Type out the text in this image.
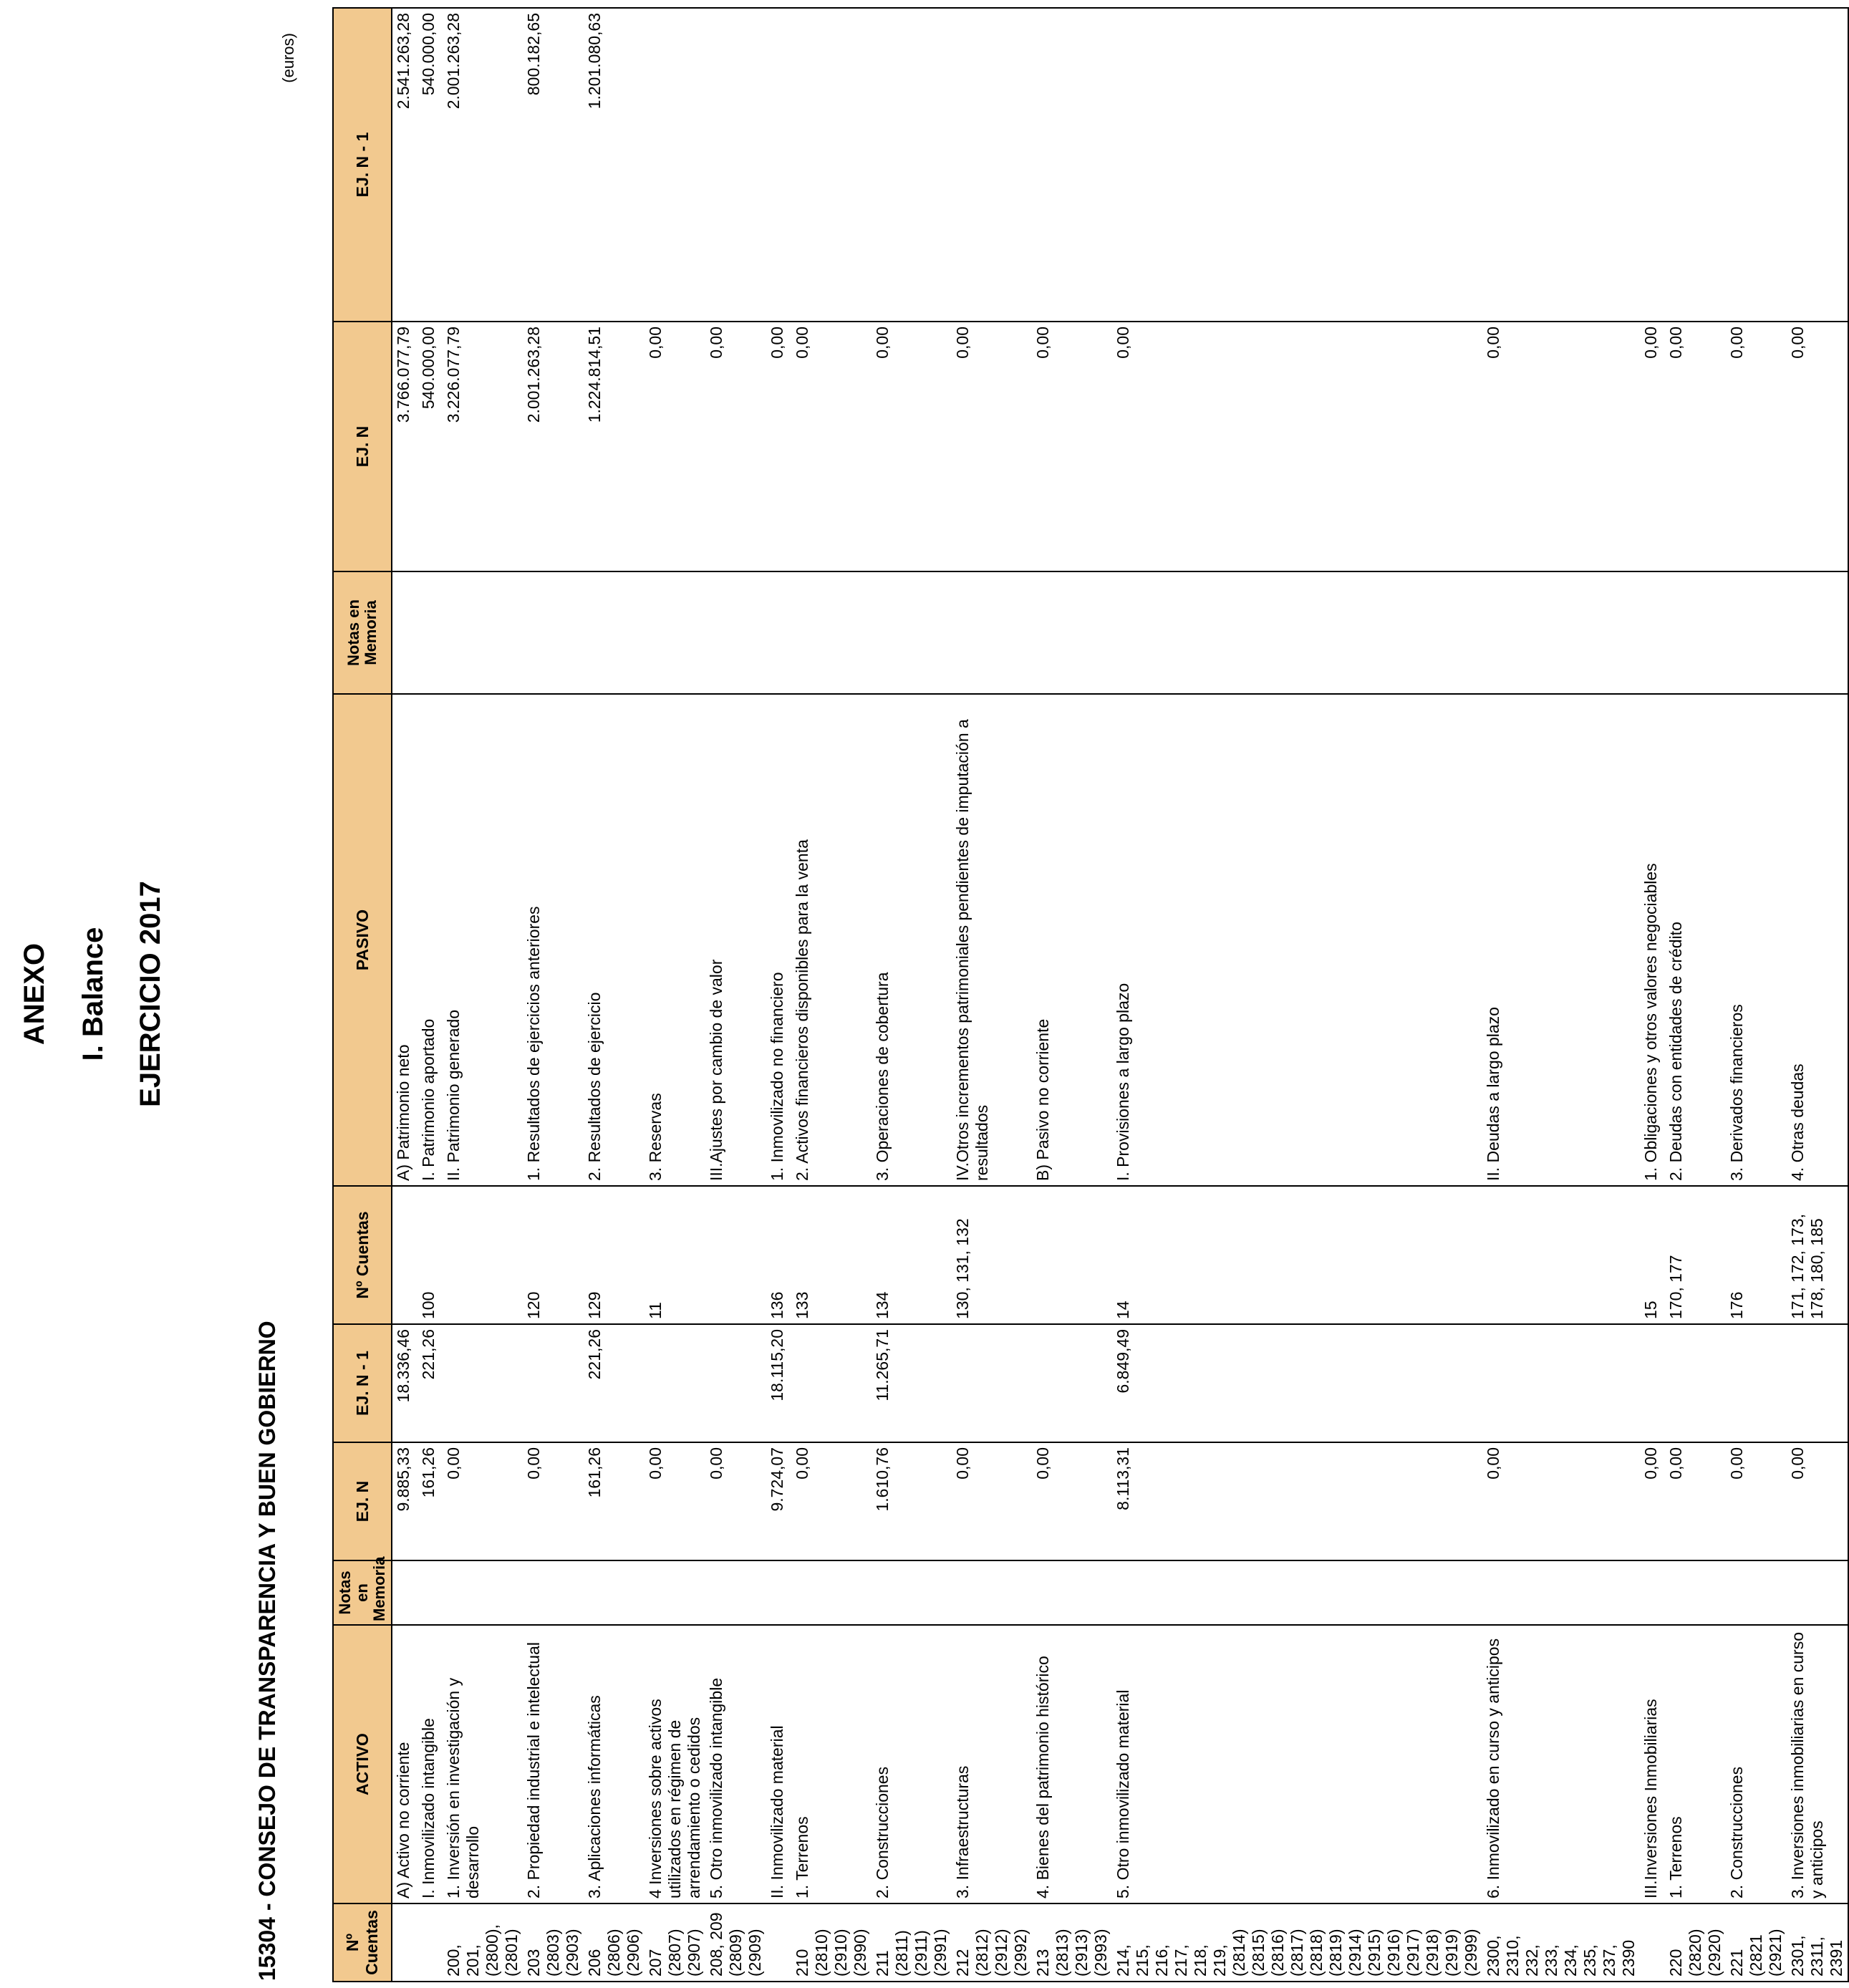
ANEXO I. Balance EJERCICIO 2017
15304 - CONSEJO DE TRANSPARENCIA Y BUEN GOBIERNO
(euros)
Nº Cuentas	ACTIVO	Notas en Memoria	EJ. N	EJ. N - 1	Nº Cuentas	PASIVO	Notas en Memoria	EJ. N	EJ. N - 1
	A) Activo no corriente		9.885,33	18.336,46		A) Patrimonio neto		3.766.077,79	2.541.263,28
	I. Inmovilizado intangible		161,26	221,26	100	I. Patrimonio aportado		540.000,00	540.000,00
200, 201, (2800), (2801)	1. Inversión en investigación y desarrollo		0,00			II. Patrimonio generado		3.226.077,79	2.001.263,28
203 (2803) (2903)	2. Propiedad industrial e intelectual		0,00		120	1. Resultados de ejercicios anteriores		2.001.263,28	800.182,65
206 (2806) (2906)	3. Aplicaciones informáticas		161,26	221,26	129	2. Resultados de ejercicio		1.224.814,51	1.201.080,63
207 (2807) (2907)	4 Inversiones sobre activos utilizados en régimen de arrendamiento o cedidos		0,00		11	3. Reservas		0,00	
208, 209 (2809) (2909)	5. Otro inmovilizado intangible		0,00			III.Ajustes por cambio de valor		0,00	
	II. Inmovilizado material		9.724,07	18.115,20	136	1. Inmovilizado no financiero		0,00	
210 (2810) (2910) (2990)	1. Terrenos		0,00		133	2. Activos financieros disponibles para la venta		0,00	
211 (2811) (2911) (2991)	2. Construcciones		1.610,76	11.265,71	134	3. Operaciones de cobertura		0,00	
212 (2812) (2912) (2992)	3. Infraestructuras		0,00		130, 131, 132	IV.Otros incrementos patrimoniales pendientes de imputación a resultados		0,00	
213 (2813) (2913) (2993)	4. Bienes del patrimonio histórico		0,00			B) Pasivo no corriente		0,00	
214, 215, 216, 217, 218, 219, (2814) (2815) (2816) (2817) (2818) (2819) (2914) (2915) (2916) (2917) (2918) (2919) (2999)	5. Otro inmovilizado material		8.113,31	6.849,49	14	I. Provisiones a largo plazo		0,00	
2300, 2310, 232, 233, 234, 235, 237, 2390	6. Inmovilizado en curso y anticipos		0,00			II. Deudas a largo plazo		0,00	
	III.Inversiones Inmobiliarias		0,00		15	1. Obligaciones y otros valores negociables		0,00	
220 (2820) (2920)	1. Terrenos		0,00		170, 177	2. Deudas con entidades de crédito		0,00	
221 (2821 (2921)	2. Construcciones		0,00		176	3. Derivados financieros		0,00	
2301, 2311, 2391	3. Inversiones inmobiliarias en curso y anticipos		0,00		171, 172, 173, 178, 180, 185	4. Otras deudas		0,00	
